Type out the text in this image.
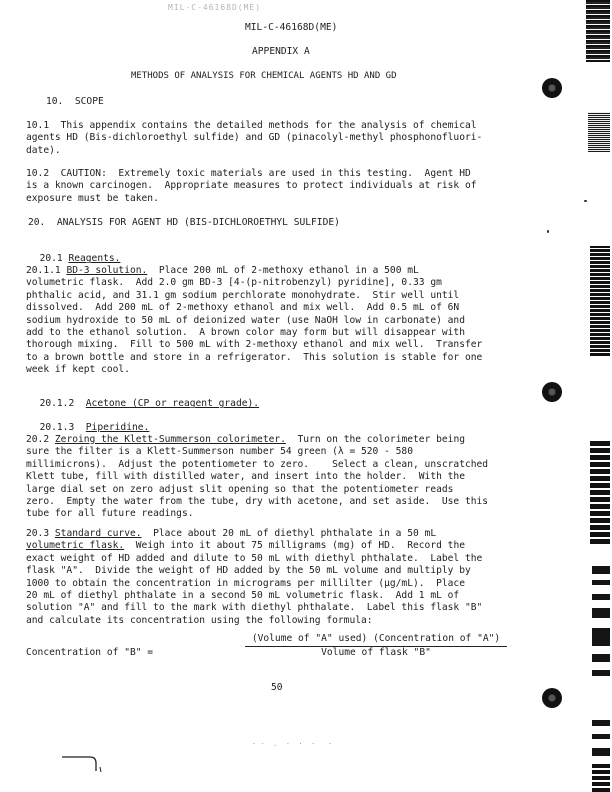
MIL-C-46168D(ME)
MIL-C-46168D(ME)
APPENDIX A
METHODS OF ANALYSIS FOR CHEMICAL AGENTS HD AND GD
10.  SCOPE
10.1  This appendix contains the detailed methods for the analysis of chemical
agents HD (Bis-dichloroethyl sulfide) and GD (pinacolyl-methyl phosphonofluori-
date).
10.2  CAUTION:  Extremely toxic materials are used in this testing.  Agent HD
is a known carcinogen.  Appropriate measures to protect individuals at risk of
exposure must be taken.
20.  ANALYSIS FOR AGENT HD (BIS-DICHLOROETHYL SULFIDE)

20.1 Reagents.

20.1.1 BD-3 solution. Place 200 mL of 2-methoxy ethanol in a 500 mL
volumetric flask.  Add 2.0 gm BD-3 [4-(p-nitrobenzyl) pyridine], 0.33 gm
phthalic acid, and 31.1 gm sodium perchlorate monohydrate.  Stir well until
dissolved.  Add 200 mL of 2-methoxy ethanol and mix well.  Add 0.5 mL of 6N
sodium hydroxide to 50 mL of deionized water (use NaOH low in carbonate) and
add to the ethanol solution.  A brown color may form but will disappear with
thorough mixing.  Fill to 500 mL with 2-methoxy ethanol and mix well.  Transfer
to a brown bottle and store in a refrigerator.  This solution is stable for one
week if kept cool.

20.1.2 Acetone (CP or reagent grade).

20.1.3 Piperidine.

20.2 Zeroing the Klett-Summerson colorimeter. Turn on the colorimeter being
sure the filter is a Klett-Summerson number 54 green (λ = 520 - 580
millimicrons).  Adjust the potentiometer to zero.    Select a clean, unscratched
Klett tube, fill with distilled water, and insert into the holder.  With the
large dial set on zero adjust slit opening so that the potentiometer reads
zero.  Empty the water from the tube, dry with acetone, and set aside.  Use this
tube for all future readings.
20.3 Standard curve. Place about 20 mL of diethyl phthalate in a 50 mL
volumetric flask. Weigh into it about 75 milligrams (mg) of HD.  Record the
exact weight of HD added and dilute to 50 mL with diethyl phthalate.  Label the
flask "A".  Divide the weight of HD added by the 50 mL volume and multiply by
1000 to obtain the concentration in micrograms per millilter (µg/mL).  Place
20 mL of diethyl phthalate in a second 50 mL volumetric flask.  Add 1 mL of
solution "A" and fill to the mark with diethyl phthalate.  Label this flask "B"
and calculate its concentration using the following formula:
(Volume of "A" used) (Concentration of "A")
Concentration of "B" =	Volume of flask "B"
50
- -  .  -  ·  -   -
